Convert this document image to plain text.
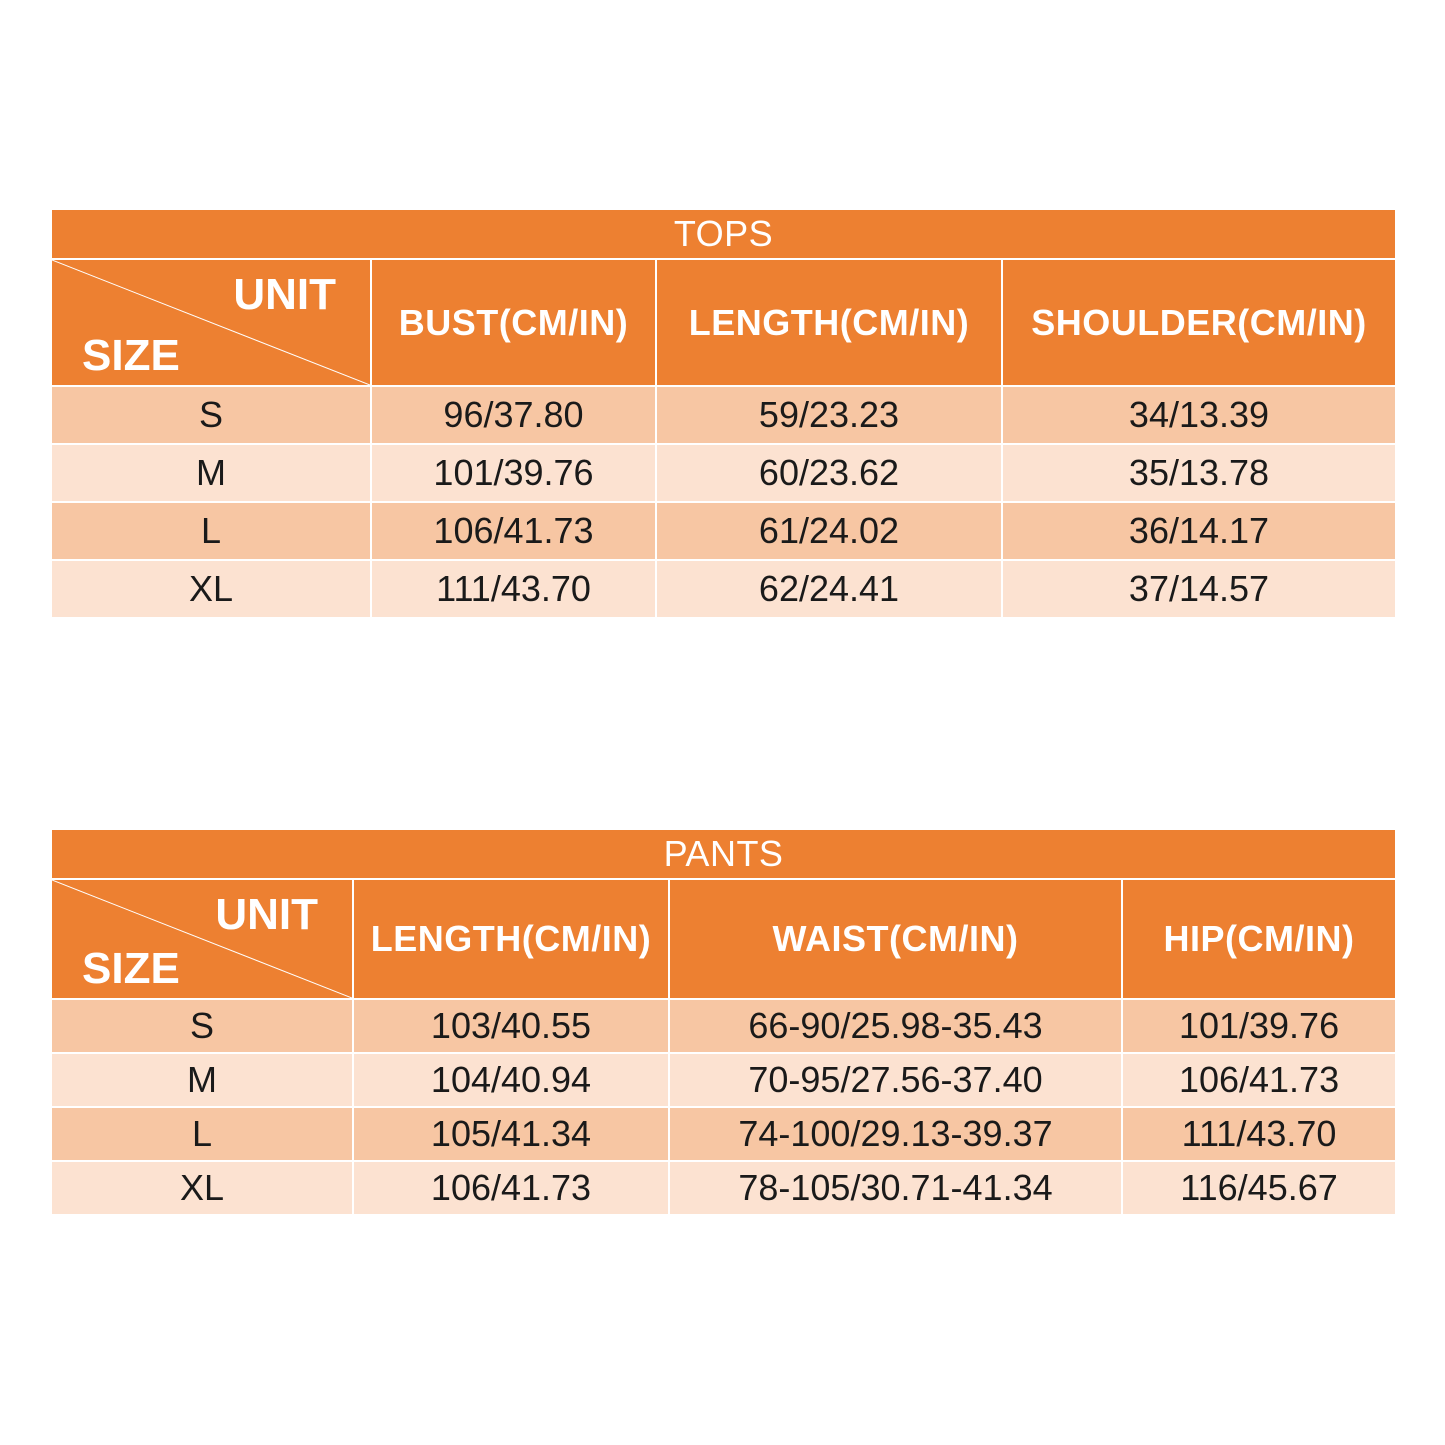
TOPS			

UNIT
SIZE	BUST(CM/IN)	LENGTH(CM/IN)	SHOULDER(CM/IN)
S	96/37.80	59/23.23	34/13.39
M	101/39.76	60/23.62	35/13.78
L	106/41.73	61/24.02	36/14.17
XL	111/43.70	62/24.41	37/14.57
PANTS			

UNIT
SIZE	LENGTH(CM/IN)	WAIST(CM/IN)	HIP(CM/IN)
S	103/40.55	66-90/25.98-35.43	101/39.76
M	104/40.94	70-95/27.56-37.40	106/41.73
L	105/41.34	74-100/29.13-39.37	111/43.70
XL	106/41.73	78-105/30.71-41.34	116/45.67
